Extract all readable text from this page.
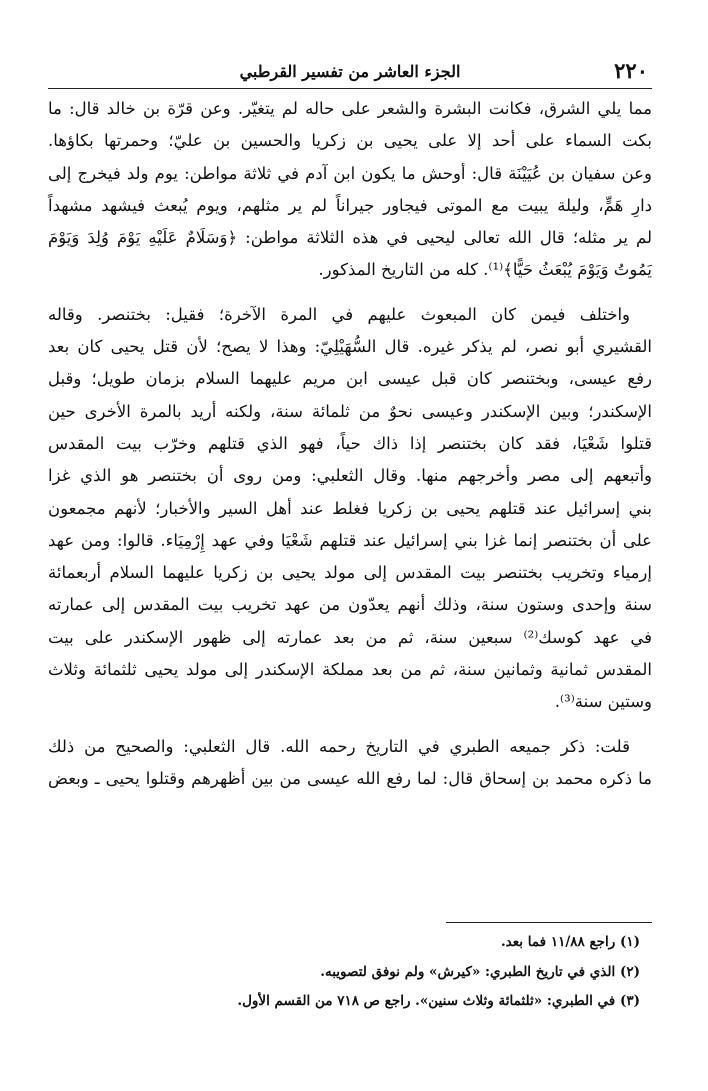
٢٢٠
الجزء العاشر من تفسير القرطبي
مما يلي الشرق، فكانت البشرة والشعر على حاله لم يتغيّر. وعن قرّة بن خالد قال: ما
بكت السماء على أحد إلا على يحيى بن زكريا والحسين بن عليّ؛ وحمرتها بكاؤها.
وعن سفيان بن عُيَيْنَة قال: أوحش ما يكون ابن آدم في ثلاثة مواطن: يوم ولد فيخرج إلى
دارِ هَمٍّ، وليلة يبيت مع الموتى فيجاور جيراناً لم ير مثلهم، ويوم يُبعث فيشهد مشهداً
لم ير مثله؛ قال الله تعالى ليحيى في هذه الثلاثة مواطن: ﴿وَسَلَامٌ عَلَيْهِ يَوْمَ وُلِدَ وَيَوْمَ
يَمُوتُ وَيَوْمَ يُبْعَثُ حَيًّا﴾⁽¹⁾. كله من التاريخ المذكور.
واختلف فيمن كان المبعوث عليهم في المرة الآخرة؛ فقيل: بختنصر. وقاله
القشيري أبو نصر، لم يذكر غيره. قال السُّهَيْلِيّ: وهذا لا يصح؛ لأن قتل يحيى كان بعد
رفع عيسى، وبختنصر كان قبل عيسى ابن مريم عليهما السلام بزمان طويل؛ وقبل
الإسكندر؛ وبين الإسكندر وعيسى نحوٌ من ثلمائة سنة، ولكنه أريد بالمرة الأخرى حين
قتلوا شَعْيَا، فقد كان بختنصر إذا ذاك حياً، فهو الذي قتلهم وخرّب بيت المقدس
وأتبعهم إلى مصر وأخرجهم منها. وقال الثعلبي: ومن روى أن بختنصر هو الذي غزا
بني إسرائيل عند قتلهم يحيى بن زكريا فغلط عند أهل السير والأخبار؛ لأنهم مجمعون
على أن بختنصر إنما غزا بني إسرائيل عند قتلهم شَعْيَا وفي عهد إِرْمِيَاء. قالوا: ومن عهد
إرمياء وتخريب بختنصر بيت المقدس إلى مولد يحيى بن زكريا عليهما السلام أربعمائة
سنة وإحدى وستون سنة، وذلك أنهم يعدّون من عهد تخريب بيت المقدس إلى عمارته
في عهد كوسك⁽²⁾ سبعين سنة، ثم من بعد عمارته إلى ظهور الإسكندر على بيت
المقدس ثمانية وثمانين سنة، ثم من بعد مملكة الإسكندر إلى مولد يحيى ثلثمائة وثلاث
وستين سنة⁽³⁾.
قلت: ذكر جميعه الطبري في التاريخ رحمه الله. قال الثعلبي: والصحيح من ذلك
ما ذكره محمد بن إسحاق قال: لما رفع الله عيسى من بين أظهرهم وقتلوا يحيى ـ وبعض
(١) راجع ١١/٨٨ فما بعد.
(٢) الذي في تاريخ الطبري: «كيرش» ولم نوفق لتصويبه.
(٣) في الطبري: «ثلثمائة وثلاث سنين». راجع ص ٧١٨ من القسم الأول.
